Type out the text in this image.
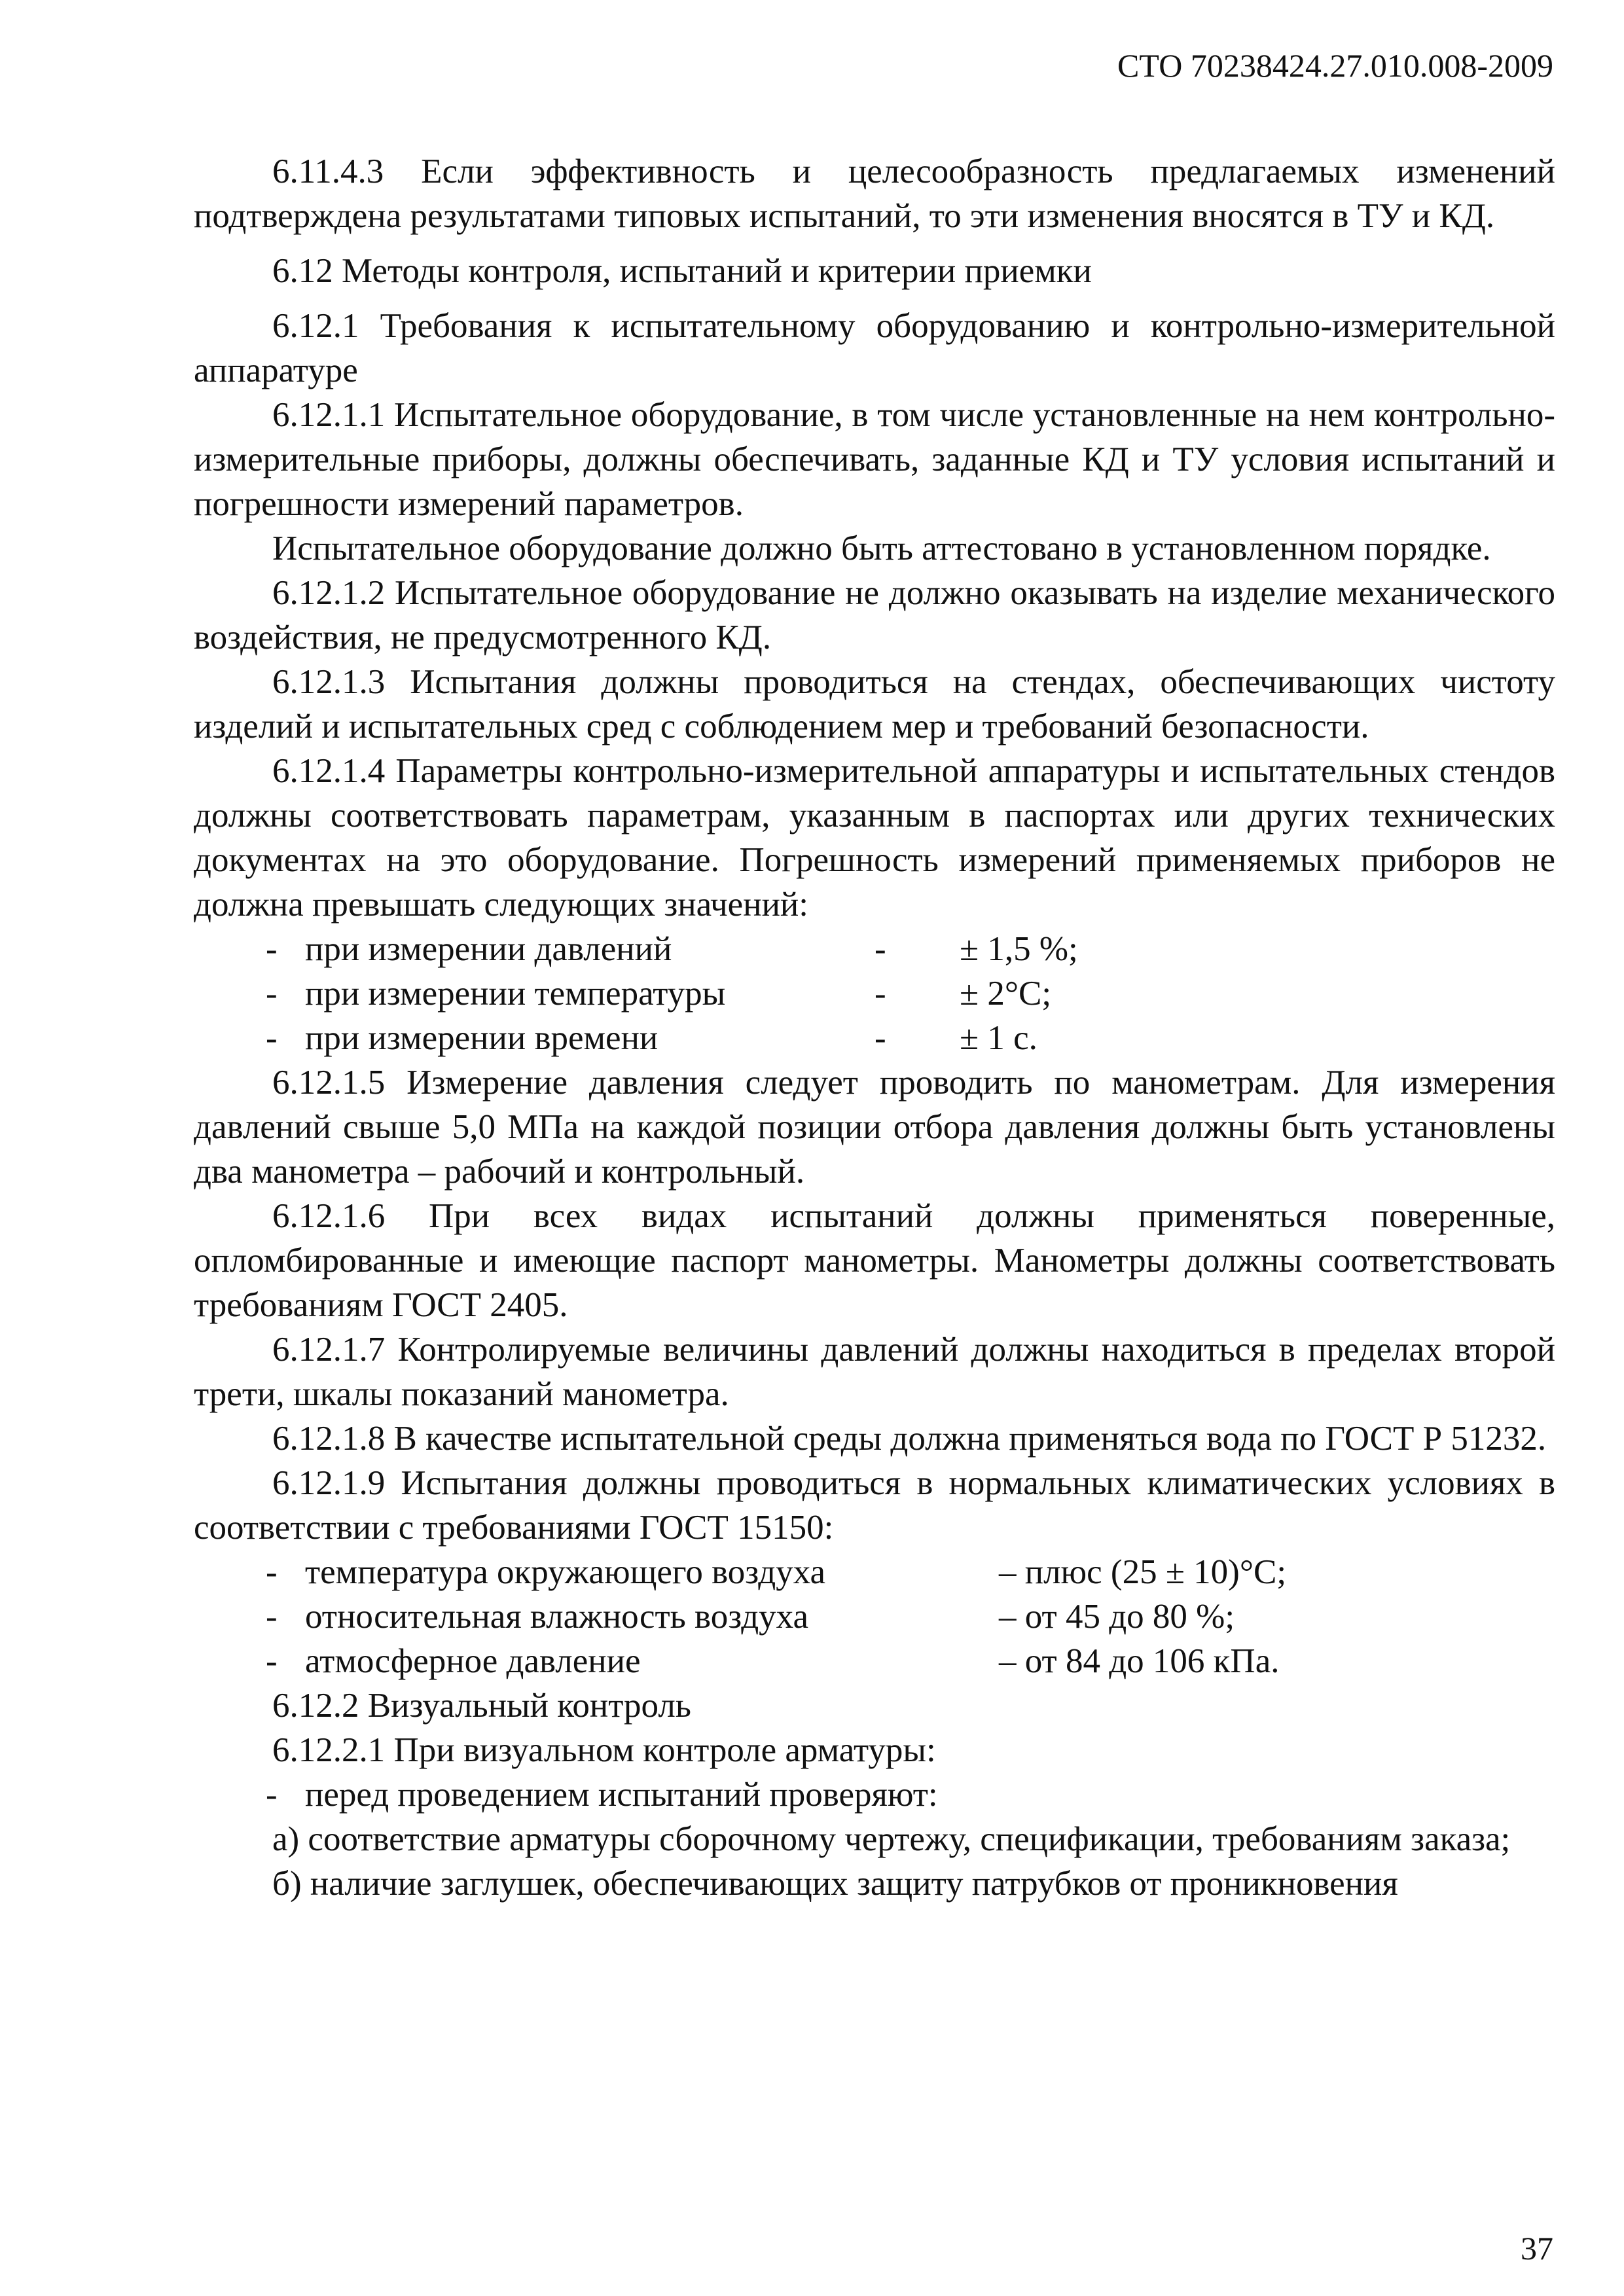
СТО 70238424.27.010.008-2009

6.11.4.3 Если эффективность и целесообразность предлагаемых изменений подтверждена результатами типовых испытаний, то эти изменения вносятся в ТУ и КД.

6.12 Методы контроля, испытаний и критерии приемки

6.12.1 Требования к испытательному оборудованию и контрольно-измерительной аппаратуре

6.12.1.1 Испытательное оборудование, в том числе установленные на нем контрольно-измерительные приборы, должны обеспечивать, заданные КД и ТУ условия испытаний и погрешности измерений параметров.

Испытательное оборудование должно быть аттестовано в установленном порядке.

6.12.1.2 Испытательное оборудование не должно оказывать на изделие механического воздействия, не предусмотренного КД.

6.12.1.3 Испытания должны проводиться на стендах, обеспечивающих чистоту изделий и испытательных сред с соблюдением мер и требований безопасности.

6.12.1.4 Параметры контрольно-измерительной аппаратуры и испытательных стендов должны соответствовать параметрам, указанным в паспортах или других технических документах на это оборудование. Погрешность измерений применяемых приборов не должна превышать следующих значений:

- при измерении давлений	-	± 1,5 %;
- при измерении температуры	-	± 2°С;
- при измерении времени	-	± 1 с.

6.12.1.5 Измерение давления следует проводить по манометрам. Для измерения давлений свыше 5,0 МПа на каждой позиции отбора давления должны быть установлены два манометра – рабочий и контрольный.

6.12.1.6 При всех видах испытаний должны применяться поверенные, опломбированные и имеющие паспорт манометры. Манометры должны соответствовать требованиям ГОСТ 2405.

6.12.1.7 Контролируемые величины давлений должны находиться в пределах второй трети, шкалы показаний манометра.

6.12.1.8 В качестве испытательной среды должна применяться вода по ГОСТ Р 51232.

6.12.1.9 Испытания должны проводиться в нормальных климатических условиях в соответствии с требованиями ГОСТ 15150:

- температура окружающего воздуха	– плюс (25 ± 10)°С;
- относительная влажность воздуха	– от 45 до 80 %;
- атмосферное давление	– от 84 до 106 кПа.

6.12.2 Визуальный контроль

6.12.2.1 При визуальном контроле арматуры:

- перед проведением испытаний проверяют:

а) соответствие арматуры сборочному чертежу, спецификации, требованиям заказа;

б) наличие заглушек, обеспечивающих защиту патрубков от проникновения

37
